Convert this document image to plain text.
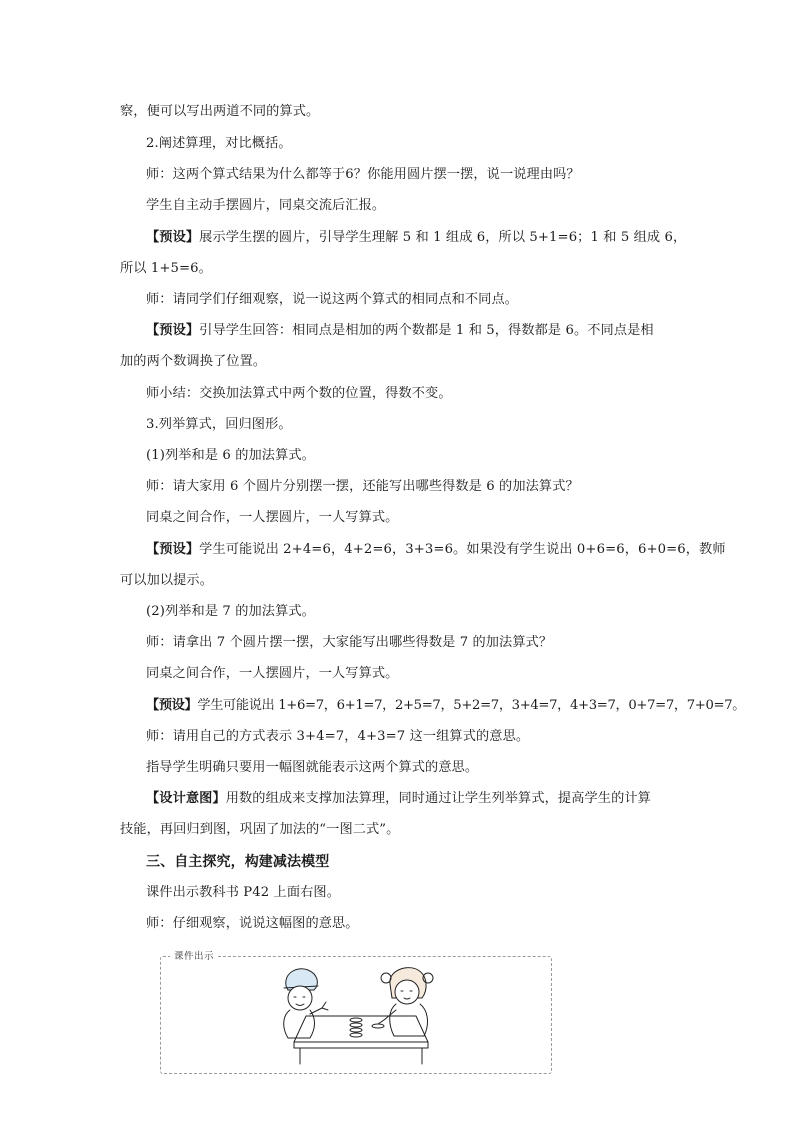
察，便可以写出两道不同的算式。
2.阐述算理，对比概括。
师：这两个算式结果为什么都等于6？你能用圆片摆一摆，说一说理由吗？
学生自主动手摆圆片，同桌交流后汇报。
【预设】展示学生摆的圆片，引导学生理解 5 和 1 组成 6，所以 5+1=6；1 和 5 组成 6，
所以 1+5=6。
师：请同学们仔细观察，说一说这两个算式的相同点和不同点。
【预设】引导学生回答：相同点是相加的两个数都是 1 和 5，得数都是 6。不同点是相
加的两个数调换了位置。
师小结：交换加法算式中两个数的位置，得数不变。
3.列举算式，回归图形。
(1)列举和是 6 的加法算式。
师：请大家用 6 个圆片分别摆一摆，还能写出哪些得数是 6 的加法算式？
同桌之间合作，一人摆圆片，一人写算式。
【预设】学生可能说出 2+4=6，4+2=6，3+3=6。如果没有学生说出 0+6=6，6+0=6，教师
可以加以提示。
(2)列举和是 7 的加法算式。
师：请拿出 7 个圆片摆一摆，大家能写出哪些得数是 7 的加法算式？
同桌之间合作，一人摆圆片，一人写算式。
【预设】学生可能说出 1+6=7，6+1=7，2+5=7，5+2=7，3+4=7，4+3=7，0+7=7，7+0=7。
师：请用自己的方式表示 3+4=7，4+3=7 这一组算式的意思。
指导学生明确只要用一幅图就能表示这两个算式的意思。
【设计意图】用数的组成来支撑加法算理，同时通过让学生列举算式，提高学生的计算
技能，再回归到图，巩固了加法的“一图二式”。
三、自主探究，构建减法模型
课件出示教科书 P42 上面右图。
师：仔细观察，说说这幅图的意思。
课件出示
